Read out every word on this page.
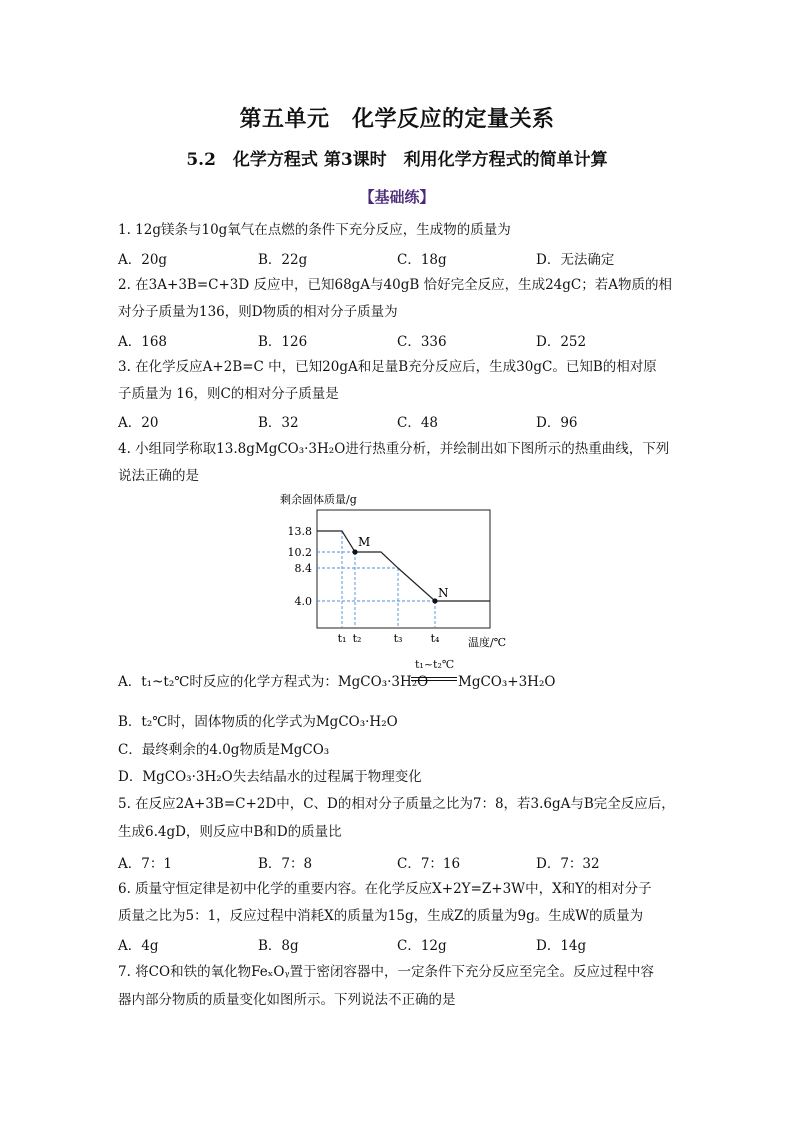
第五单元　化学反应的定量关系
5.2　化学方程式 第3课时　利用化学方程式的简单计算
【基础练】
1. 12g镁条与10g氧气在点燃的条件下充分反应，生成物的质量为
A．20g	B．22g	C．18g	D．无法确定
2. 在3A+3B=C+3D 反应中，已知68gA与40gB 恰好完全反应，生成24gC；若A物质的相
对分子质量为136，则D物质的相对分子质量为
A．168	B．126	C．336	D．252
3. 在化学反应A+2B=C 中，已知20gA和足量B充分反应后，生成30gC。已知B的相对原
子质量为 16，则C的相对分子质量是
A．20	B．32	C．48	D．96
4. 小组同学称取13.8gMgCO₃·3H₂O进行热重分析，并绘制出如下图所示的热重曲线，下列
说法正确的是
剩余固体质量/g
M
N
13.8
10.2
8.4
4.0
t₁ t₂	t₃	t₄	温度/℃
A．t₁~t₂℃时反应的化学方程式为：MgCO₃·3H₂O
t₁~t₂℃
MgCO₃+3H₂O
B．t₂℃时，固体物质的化学式为MgCO₃·H₂O
C．最终剩余的4.0g物质是MgCO₃
D．MgCO₃·3H₂O失去结晶水的过程属于物理变化
5. 在反应2A+3B=C+2D中，C、D的相对分子质量之比为7：8，若3.6gA与B完全反应后，
生成6.4gD，则反应中B和D的质量比
A．7：1	B．7：8	C．7：16	D．7：32
6. 质量守恒定律是初中化学的重要内容。在化学反应X+2Y=Z+3W中，X和Y的相对分子
质量之比为5：1，反应过程中消耗X的质量为15g，生成Z的质量为9g。生成W的质量为
A．4g	B．8g	C．12g	D．14g
7. 将CO和铁的氧化物FeₓOᵧ置于密闭容器中，一定条件下充分反应至完全。反应过程中容
器内部分物质的质量变化如图所示。下列说法不正确的是
